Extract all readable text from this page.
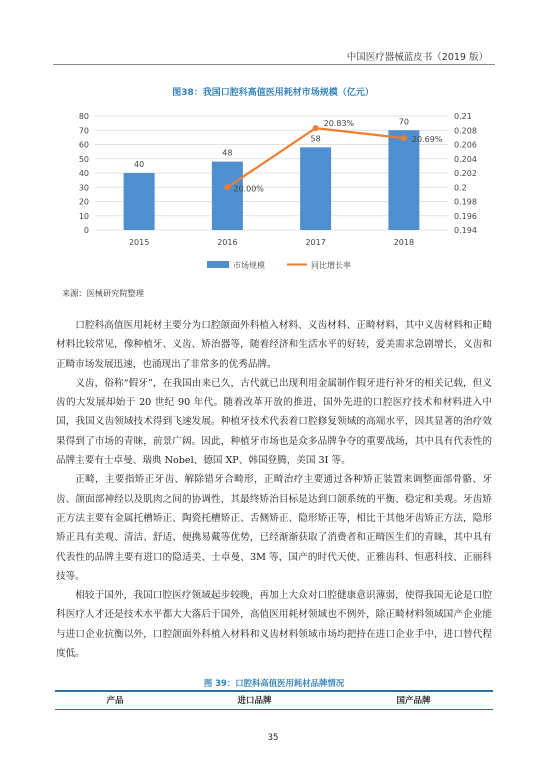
中国医疗器械蓝皮书（2019 版）
图38：我国口腔科高值医用耗材市场规模（亿元）
40
48
58
70
20.00%
20.83%
20.69%
0
10
20
30
40
50
60
70
80
0.194
0.196
0.198
0.2
0.202
0.204
0.206
0.208
0.21
2015	2016	2017	2018
市场规模	同比增长率
来源：医械研究院整理

口腔科高值医用耗材主要分为口腔颌面外科植入材料、义齿材料、正畸材料，其中义齿材料和正畸材料比较常见，像种植牙、义齿、矫治器等，随着经济和生活水平的好转，爱美需求急剧增长，义齿和正畸市场发展迅速，也涌现出了非常多的优秀品牌。

义齿，俗称“假牙”，在我国由来已久，古代就已出现利用金属制作假牙进行补牙的相关记载，但义齿的大发展却始于 20 世纪 90 年代。随着改革开放的推进，国外先进的口腔医疗技术和材料进入中国，我国义齿领域技术得到飞速发展。种植牙技术代表着口腔修复领域的高端水平，因其显著的治疗效果得到了市场的青睐，前景广阔。因此，种植牙市场也是众多品牌争夺的重要战场，其中具有代表性的品牌主要有士卓曼、瑞典 Nobel、德国 XP、韩国登腾，美国 3I 等。

正畸，主要指矫正牙齿、解除错牙合畸形，正畸治疗主要通过各种矫正装置来调整面部骨骼、牙齿、颌面部神经以及肌肉之间的协调性，其最终矫治目标是达到口颌系统的平衡、稳定和美观。牙齿矫正方法主要有金属托槽矫正、陶瓷托槽矫正、舌侧矫正、隐形矫正等，相比于其他牙齿矫正方法，隐形矫正具有美观、清洁、舒适、便携易戴等优势，已经渐渐获取了消费者和正畸医生们的青睐，其中具有代表性的品牌主要有进口的隐适美、士卓曼、3M 等，国产的时代天使、正雅齿科、恒惠科技、正丽科技等。

相较于国外，我国口腔医疗领域起步较晚，再加上大众对口腔健康意识薄弱，使得我国无论是口腔科医疗人才还是技术水平都大大落后于国外，高值医用耗材领域也不例外，除正畸材料领域国产企业能与进口企业抗衡以外，口腔颌面外科植入材料和义齿材料领域市场均把持在进口企业手中，进口替代程度低。

图 39：口腔科高值医用耗材品牌情况
产品	进口品牌	国产品牌
35
